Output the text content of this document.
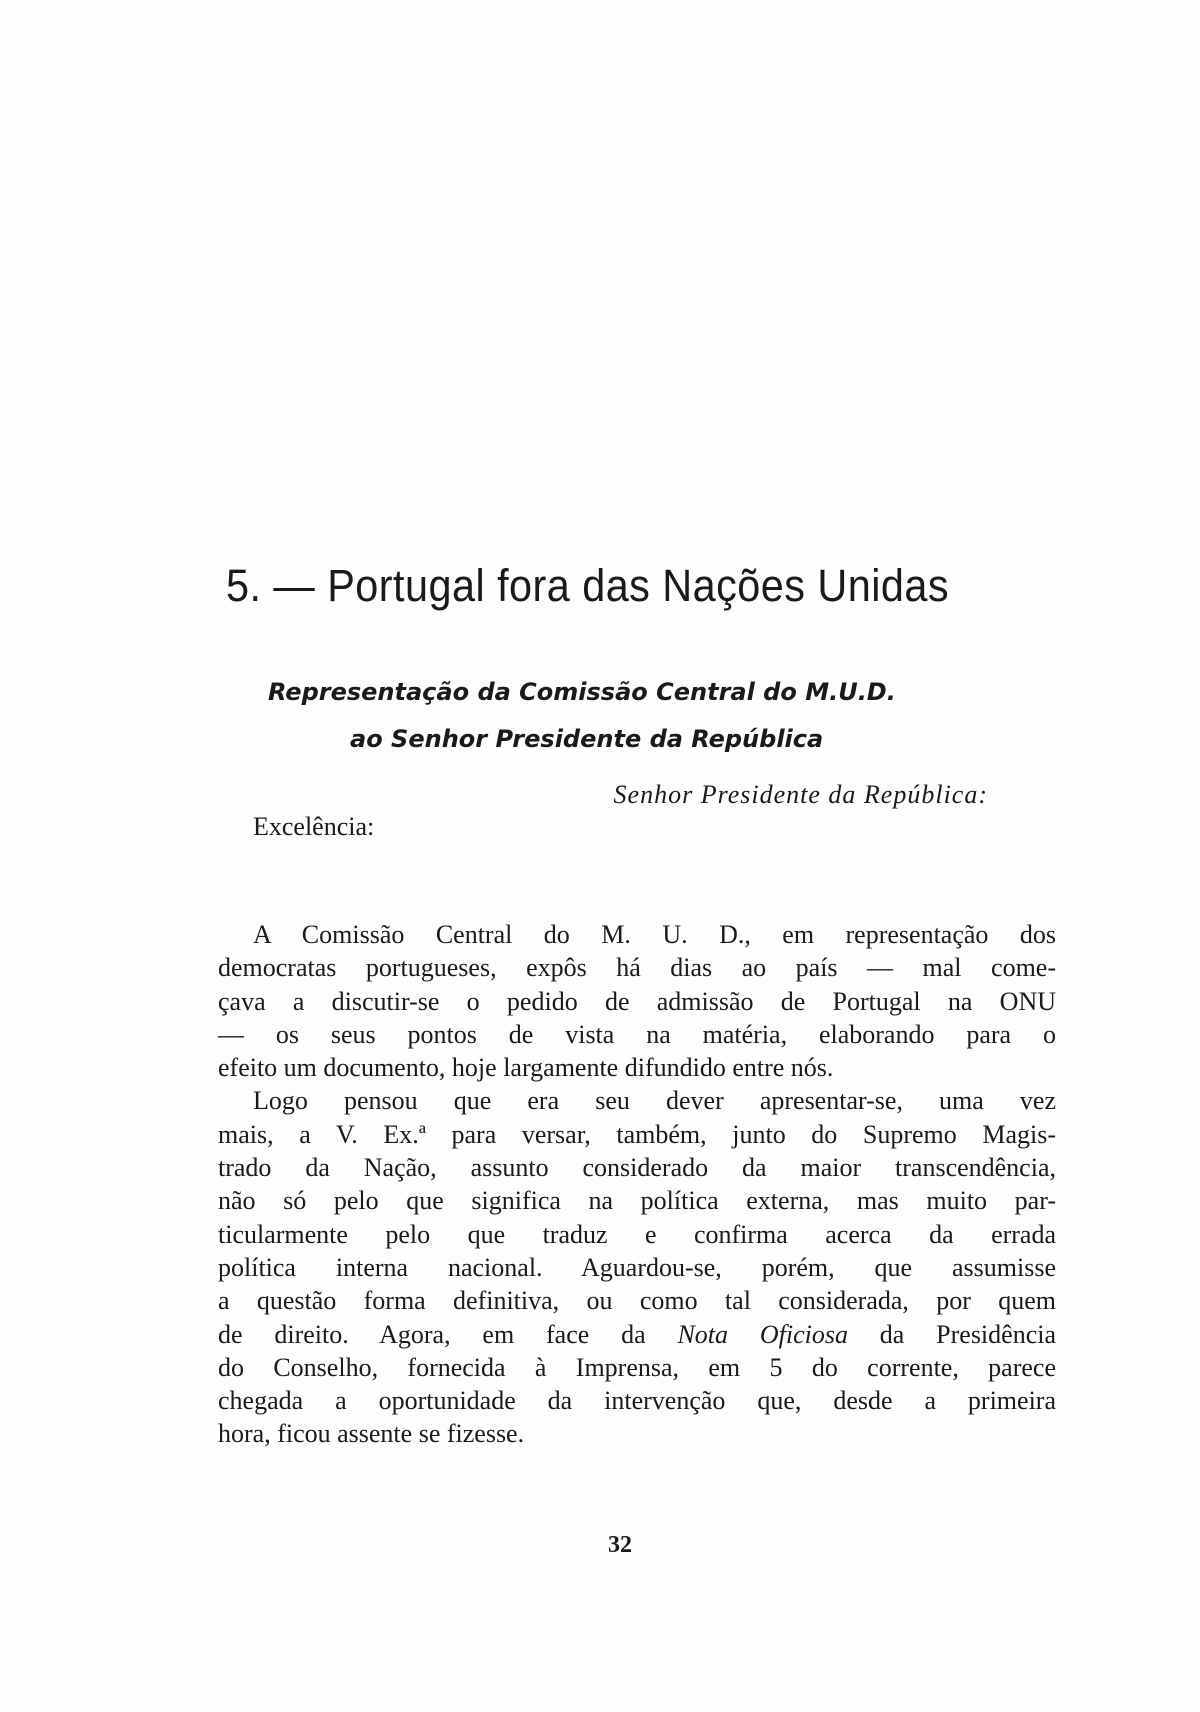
5. — Portugal fora das Nações Unidas
Representação da Comissão Central do M.U.D.
ao Senhor Presidente da República
Senhor Presidente da República:
Excelência:
A Comissão Central do M. U. D., em representação dos
democratas portugueses, expôs há dias ao país — mal come-
çava a discutir-se o pedido de admissão de Portugal na ONU
— os seus pontos de vista na matéria, elaborando para o
efeito um documento, hoje largamente difundido entre nós.
Logo pensou que era seu dever apresentar-se, uma vez
mais, a V. Ex.ª para versar, também, junto do Supremo Magis-
trado da Nação, assunto considerado da maior transcendência,
não só pelo que significa na política externa, mas muito par-
ticularmente pelo que traduz e confirma acerca da errada
política interna nacional. Aguardou-se, porém, que assumisse
a questão forma definitiva, ou como tal considerada, por quem
de direito. Agora, em face da Nota Oficiosa da Presidência
do Conselho, fornecida à Imprensa, em 5 do corrente, parece
chegada a oportunidade da intervenção que, desde a primeira
hora, ficou assente se fizesse.
32
